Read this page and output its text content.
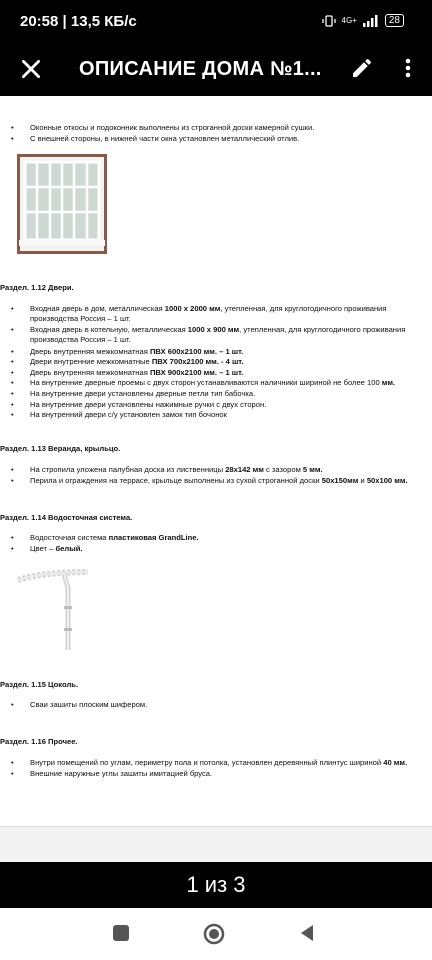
20:58 | 13,5 КБ/с	4G+	28
ОПИСАНИЕ ДОМА №1...
• Оконные откосы и подоконник выполнены из строганной доски камерной сушки.
• С внешней стороны, в нижней части окна установлен металлический отлив.
Раздел. 1.12 Двери.
• Входная дверь в дом, металлическая 1000 х 2000 мм, утепленная, для круглогодичного проживания производства Россия – 1 шт.
• Входная дверь в котельную, металлическая 1000 х 900 мм, утепленная, для круглогодичного проживания производства Россия – 1 шт.
• Дверь внутренняя межкомнатная ПВХ 600х2100 мм. – 1 шт.
• Двери внутренние межкомнатные ПВХ 700х2100 мм. - 4 шт.
• Дверь внутренняя межкомнатная ПВХ 900х2100 мм. – 1 шт.
• На внутренние дверные проемы с двух сторон устанавливаются наличники шириной не более 100 мм.
• На внутренние двери установлены дверные петли тип бабочка.
• На внутренние двери установлены нажимные ручки с двух сторон.
• На внутренний двери с/у установлен замок тип бочонок
Раздел. 1.13 Веранда, крыльцо.
• На стропила уложена палубная доска из лиственницы 28х142 мм с зазором 5 мм.
• Перила и ограждения на террасе, крыльце выполнены из сухой строганной доски 50х150мм и 50х100 мм.
Раздел. 1.14 Водосточная система.
• Водосточная система пластиковая GrandLine.
• Цвет – белый.
Раздел. 1.15 Цоколь.
• Сваи зашиты плоским шифером.
Раздел. 1.16 Прочее.
• Внутри помещений по углам, периметру пола и потолка, установлен деревянный плинтус шириной 40 мм.
• Внешние наружные углы зашиты имитацией бруса.
1 из 3
ID 303855839
